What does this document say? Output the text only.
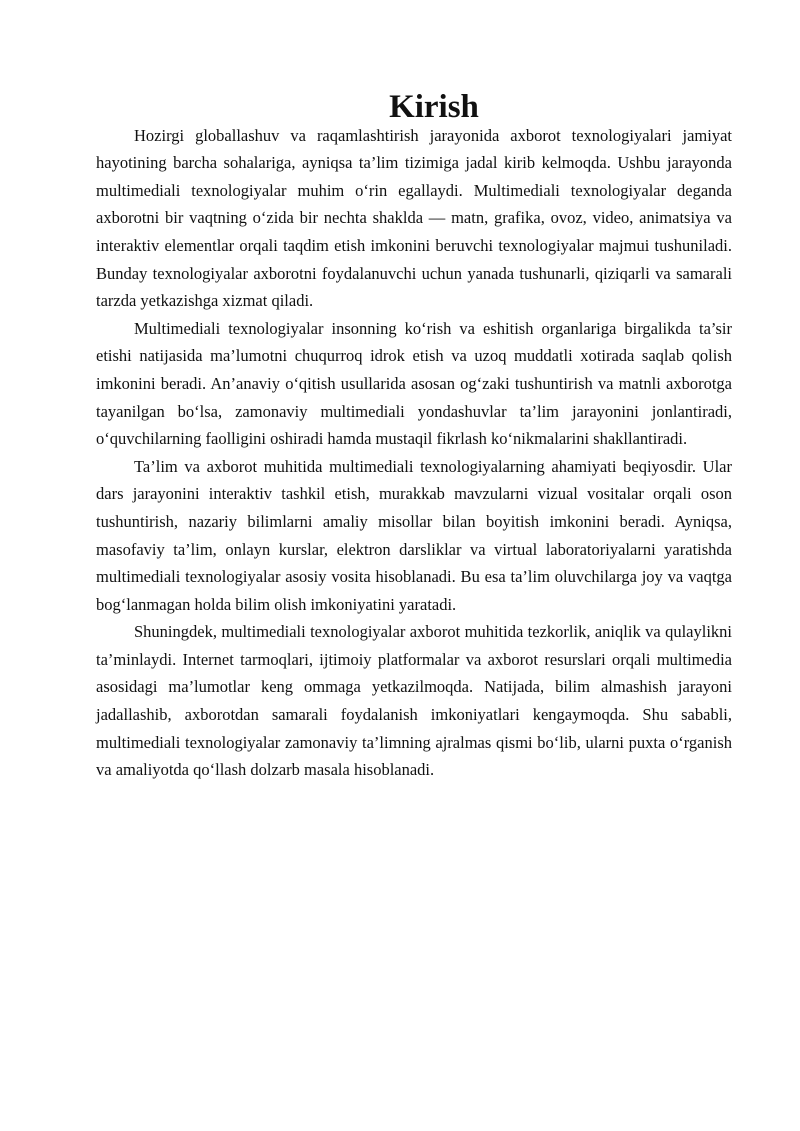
Kirish

Hozirgi globallashuv va raqamlashtirish jarayonida axborot texnologiyalari jamiyat hayotining barcha sohalariga, ayniqsa ta’lim tizimiga jadal kirib kelmoqda. Ushbu jarayonda multimediali texnologiyalar muhim o‘rin egallaydi. Multimediali texnologiyalar deganda axborotni bir vaqtning o‘zida bir nechta shaklda — matn, grafika, ovoz, video, animatsiya va interaktiv elementlar orqali taqdim etish imkonini beruvchi texnologiyalar majmui tushuniladi. Bunday texnologiyalar axborotni foydalanuvchi uchun yanada tushunarli, qiziqarli va samarali tarzda yetkazishga xizmat qiladi.

Multimediali texnologiyalar insonning ko‘rish va eshitish organlariga birgalikda ta’sir etishi natijasida ma’lumotni chuqurroq idrok etish va uzoq muddatli xotirada saqlab qolish imkonini beradi. An’anaviy o‘qitish usullarida asosan og‘zaki tushuntirish va matnli axborotga tayanilgan bo‘lsa, zamonaviy multimediali yondashuvlar ta’lim jarayonini jonlantiradi, o‘quvchilarning faolligini oshiradi hamda mustaqil fikrlash ko‘nikmalarini shakllantiradi.

Ta’lim va axborot muhitida multimediali texnologiyalarning ahamiyati beqiyosdir. Ular dars jarayonini interaktiv tashkil etish, murakkab mavzularni vizual vositalar orqali oson tushuntirish, nazariy bilimlarni amaliy misollar bilan boyitish imkonini beradi. Ayniqsa, masofaviy ta’lim, onlayn kurslar, elektron darsliklar va virtual laboratoriyalarni yaratishda multimediali texnologiyalar asosiy vosita hisoblanadi. Bu esa ta’lim oluvchilarga joy va vaqtga bog‘lanmagan holda bilim olish imkoniyatini yaratadi.

Shuningdek, multimediali texnologiyalar axborot muhitida tezkorlik, aniqlik va qulaylikni ta’minlaydi. Internet tarmoqlari, ijtimoiy platformalar va axborot resurslari orqali multimedia asosidagi ma’lumotlar keng ommaga yetkazilmoqda. Natijada, bilim almashish jarayoni jadallashib, axborotdan samarali foydalanish imkoniyatlari kengaymoqda. Shu sababli, multimediali texnologiyalar zamonaviy ta’limning ajralmas qismi bo‘lib, ularni puxta o‘rganish va amaliyotda qo‘llash dolzarb masala hisoblanadi.
